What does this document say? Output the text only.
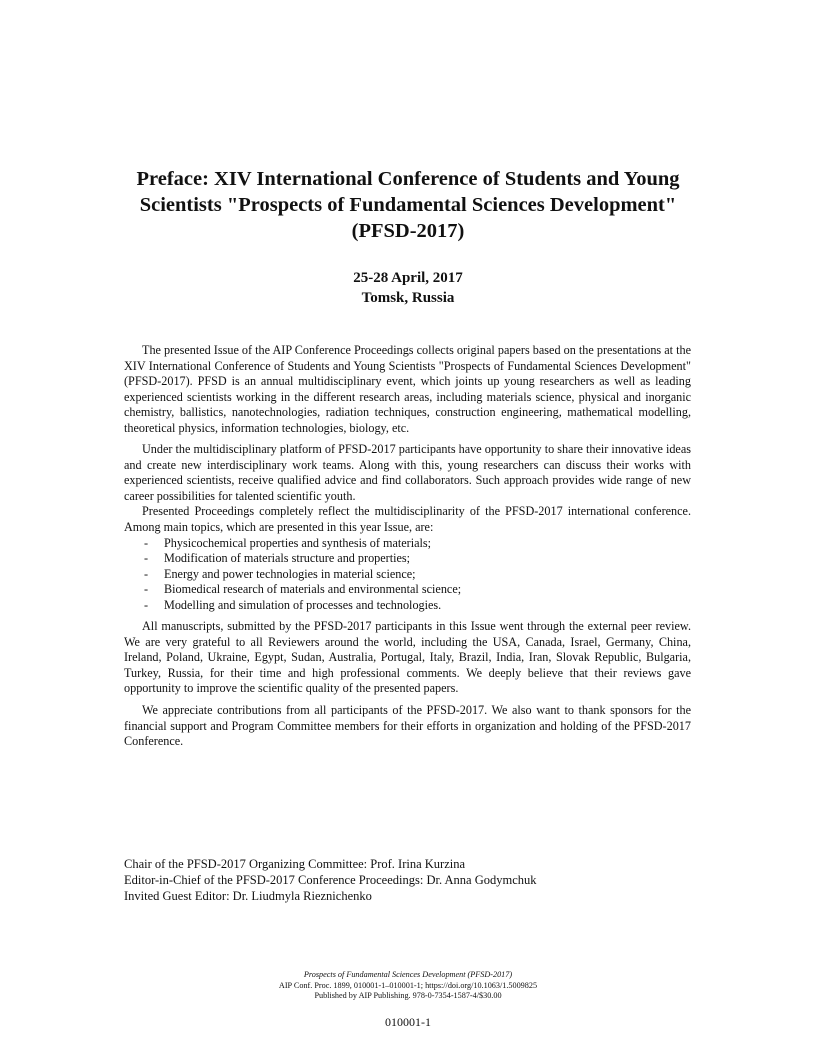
Preface: XIV International Conference of Students and Young Scientists "Prospects of Fundamental Sciences Development" (PFSD-2017)
25-28 April, 2017
Tomsk, Russia

The presented Issue of the AIP Conference Proceedings collects original papers based on the presentations at the XIV International Conference of Students and Young Scientists "Prospects of Fundamental Sciences Development" (PFSD-2017). PFSD is an annual multidisciplinary event, which joints up young researchers as well as leading experienced scientists working in the different research areas, including materials science, physical and inorganic chemistry, ballistics, nanotechnologies, radiation techniques, construction engineering, mathematical modelling, theoretical physics, information technologies, biology, etc.

Under the multidisciplinary platform of PFSD-2017 participants have opportunity to share their innovative ideas and create new interdisciplinary work teams. Along with this, young researchers can discuss their works with experienced scientists, receive qualified advice and find collaborators. Such approach provides wide range of new career possibilities for talented scientific youth.

Presented Proceedings completely reflect the multidisciplinarity of the PFSD-2017 international conference. Among main topics, which are presented in this year Issue, are:

- Physicochemical properties and synthesis of materials;
- Modification of materials structure and properties;
- Energy and power technologies in material science;
- Biomedical research of materials and environmental science;
- Modelling and simulation of processes and technologies.

All manuscripts, submitted by the PFSD-2017 participants in this Issue went through the external peer review. We are very grateful to all Reviewers around the world, including the USA, Canada, Israel, Germany, China, Ireland, Poland, Ukraine, Egypt, Sudan, Australia, Portugal, Italy, Brazil, India, Iran, Slovak Republic, Bulgaria, Turkey, Russia, for their time and high professional comments. We deeply believe that their reviews gave opportunity to improve the scientific quality of the presented papers.

We appreciate contributions from all participants of the PFSD-2017. We also want to thank sponsors for the financial support and Program Committee members for their efforts in organization and holding of the PFSD-2017 Conference.

Chair of the PFSD-2017 Organizing Committee: Prof. Irina Kurzina
Editor-in-Chief of the PFSD-2017 Conference Proceedings: Dr. Anna Godymchuk
Invited Guest Editor: Dr. Liudmyla Rieznichenko
Prospects of Fundamental Sciences Development (PFSD-2017)
AIP Conf. Proc. 1899, 010001-1–010001-1; https://doi.org/10.1063/1.5009825
Published by AIP Publishing. 978-0-7354-1587-4/$30.00
010001-1
